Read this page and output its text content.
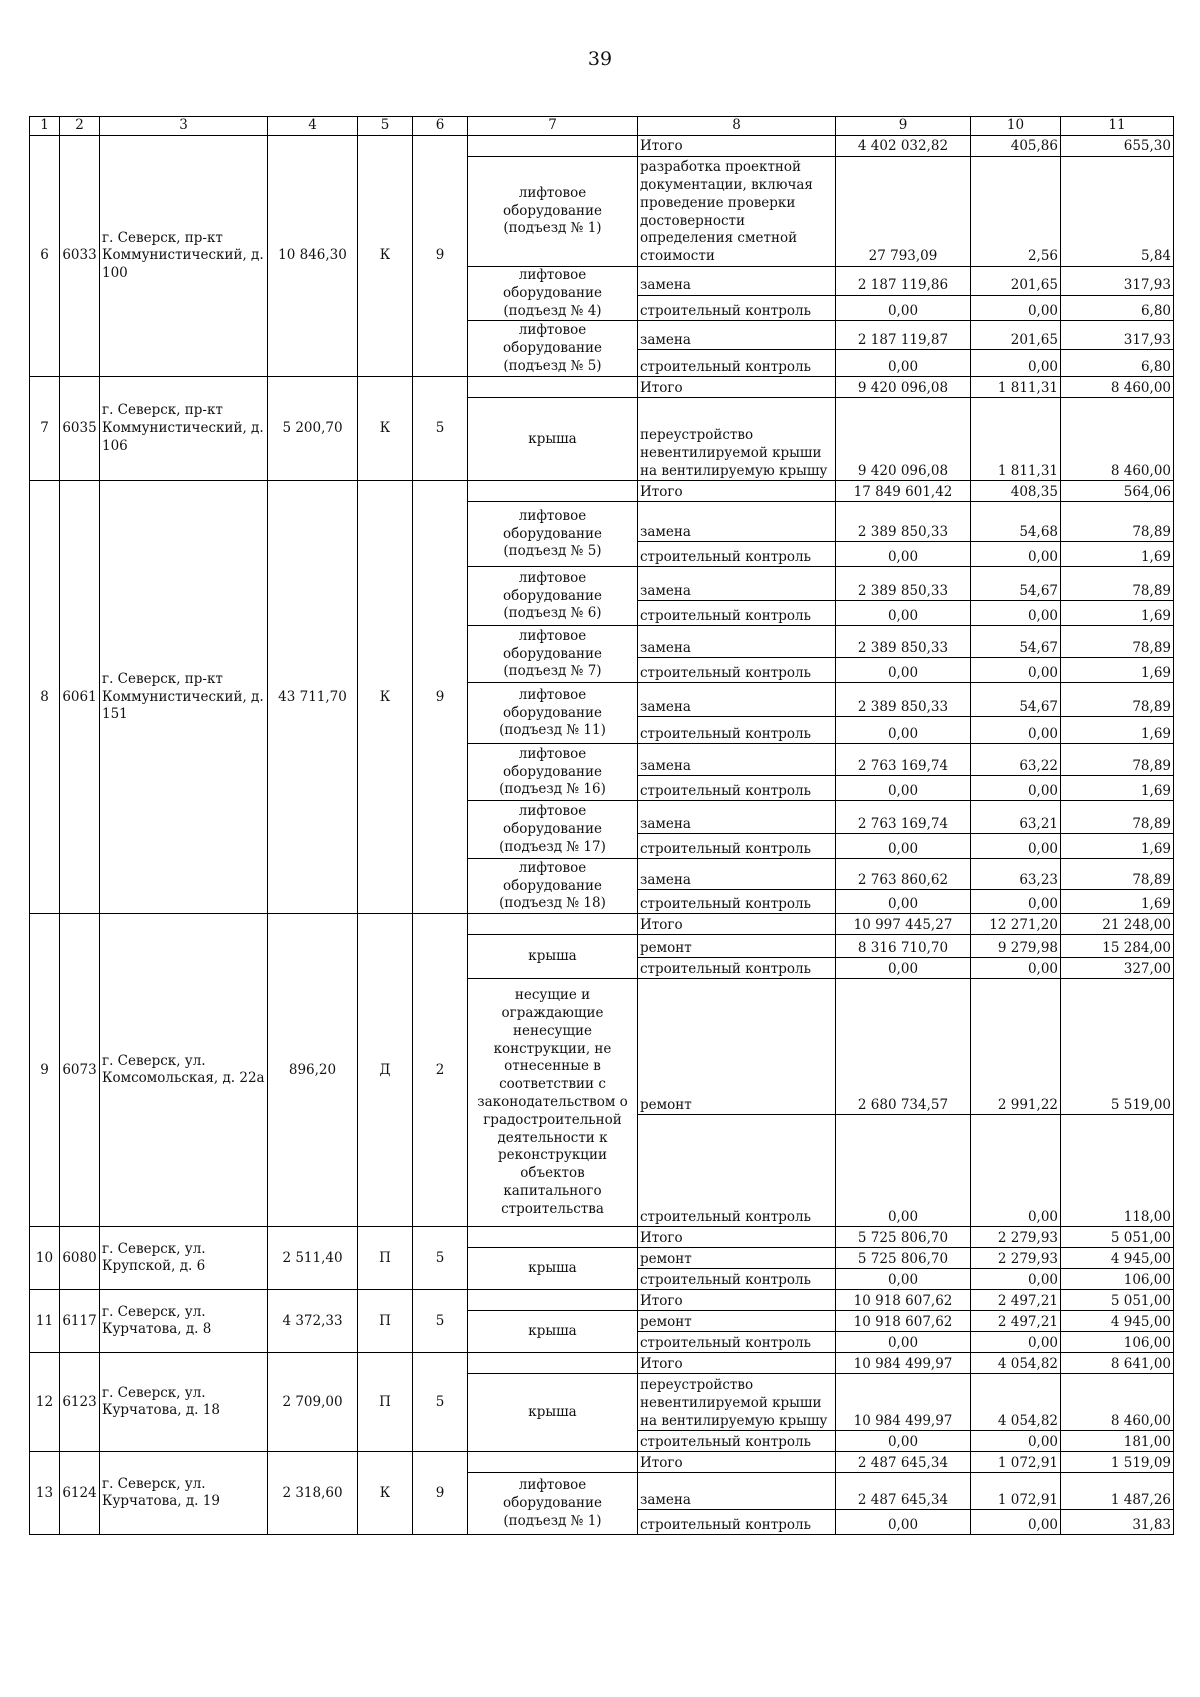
39
1	2	3	4	5	6	7	8	9	10	11
6	6033	г. Северск, пр-кт Коммунистический, д. 100	10 846,30	К	9		Итого	4 402 032,82	405,86	655,30
						лифтовое оборудование (подъезд № 1)	разработка проектной документации, включая проведение проверки достоверности определения сметной стоимости	27 793,09	2,56	5,84
						лифтовое оборудование (подъезд № 4)	замена	2 187 119,86	201,65	317,93
							строительный контроль	0,00	0,00	6,80
						лифтовое оборудование (подъезд № 5)	замена	2 187 119,87	201,65	317,93
							строительный контроль	0,00	0,00	6,80
7	6035	г. Северск, пр-кт Коммунистический, д. 106	5 200,70	К	5		Итого	9 420 096,08	1 811,31	8 460,00
						крыша	переустройство невентилируемой крыши на вентилируемую крышу	9 420 096,08	1 811,31	8 460,00
8	6061	г. Северск, пр-кт Коммунистический, д. 151	43 711,70	К	9		Итого	17 849 601,42	408,35	564,06
						лифтовое оборудование (подъезд № 5)	замена	2 389 850,33	54,68	78,89
							строительный контроль	0,00	0,00	1,69
						лифтовое оборудование (подъезд № 6)	замена	2 389 850,33	54,67	78,89
							строительный контроль	0,00	0,00	1,69
						лифтовое оборудование (подъезд № 7)	замена	2 389 850,33	54,67	78,89
							строительный контроль	0,00	0,00	1,69
						лифтовое оборудование (подъезд № 11)	замена	2 389 850,33	54,67	78,89
							строительный контроль	0,00	0,00	1,69
						лифтовое оборудование (подъезд № 16)	замена	2 763 169,74	63,22	78,89
							строительный контроль	0,00	0,00	1,69
						лифтовое оборудование (подъезд № 17)	замена	2 763 169,74	63,21	78,89
							строительный контроль	0,00	0,00	1,69
						лифтовое оборудование (подъезд № 18)	замена	2 763 860,62	63,23	78,89
							строительный контроль	0,00	0,00	1,69
9	6073	г. Северск, ул. Комсомольская, д. 22а	896,20	Д	2		Итого	10 997 445,27	12 271,20	21 248,00
						крыша	ремонт	8 316 710,70	9 279,98	15 284,00
							строительный контроль	0,00	0,00	327,00
						несущие и ограждающие ненесущие конструкции, не отнесенные в соответствии с законодательством о градостроительной деятельности к реконструкции объектов капитального строительства	ремонт	2 680 734,57	2 991,22	5 519,00
							строительный контроль	0,00	0,00	118,00
10	6080	г. Северск, ул. Крупской, д. 6	2 511,40	П	5		Итого	5 725 806,70	2 279,93	5 051,00
						крыша	ремонт	5 725 806,70	2 279,93	4 945,00
							строительный контроль	0,00	0,00	106,00
11	6117	г. Северск, ул. Курчатова, д. 8	4 372,33	П	5		Итого	10 918 607,62	2 497,21	5 051,00
						крыша	ремонт	10 918 607,62	2 497,21	4 945,00
							строительный контроль	0,00	0,00	106,00
12	6123	г. Северск, ул. Курчатова, д. 18	2 709,00	П	5		Итого	10 984 499,97	4 054,82	8 641,00
						крыша	переустройство невентилируемой крыши на вентилируемую крышу	10 984 499,97	4 054,82	8 460,00
							строительный контроль	0,00	0,00	181,00
13	6124	г. Северск, ул. Курчатова, д. 19	2 318,60	К	9		Итого	2 487 645,34	1 072,91	1 519,09
						лифтовое оборудование (подъезд № 1)	замена	2 487 645,34	1 072,91	1 487,26
							строительный контроль	0,00	0,00	31,83
